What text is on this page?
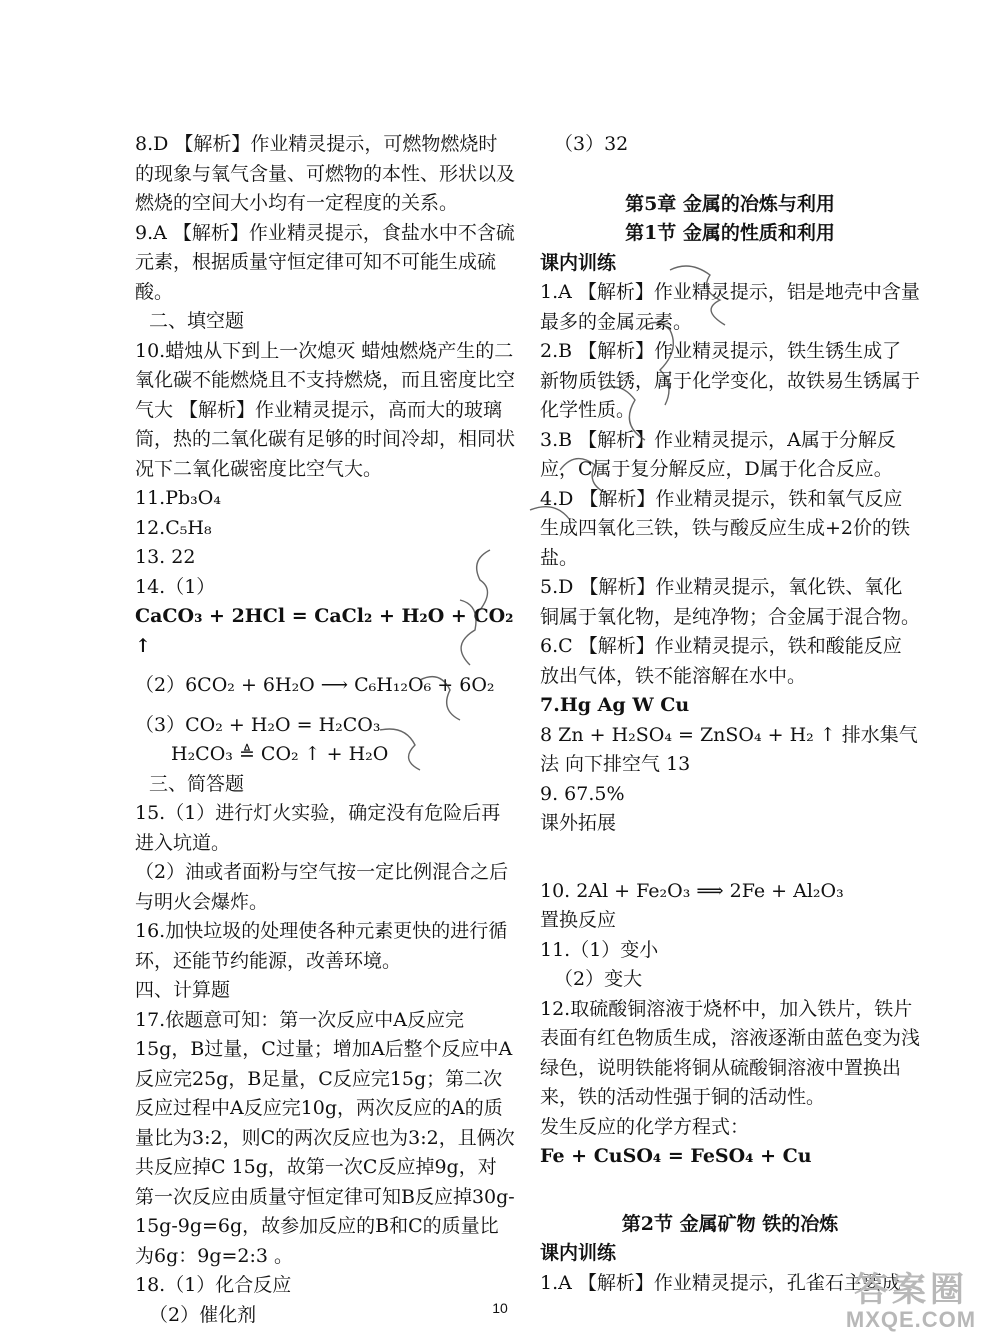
8.D 【解析】作业精灵提示，可燃物燃烧时的现象与氧气含量、可燃物的本性、形状以及燃烧的空间大小均有一定程度的关系。

9.A 【解析】作业精灵提示，食盐水中不含硫元素，根据质量守恒定律可知不可能生成硫酸。

二、填空题

10.蜡烛从下到上一次熄灭 蜡烛燃烧产生的二氧化碳不能燃烧且不支持燃烧，而且密度比空气大 【解析】作业精灵提示，高而大的玻璃筒，热的二氧化碳有足够的时间冷却，相同状况下二氧化碳密度比空气大。

11.Pb₃O₄

12.C₅H₈

13. 22

14.（1）

CaCO₃ + 2HCl = CaCl₂ + H₂O + CO₂ ↑

（2）6CO₂ + 6H₂O ⟶ C₆H₁₂O₆ + 6O₂

（3）CO₂ + H₂O = H₂CO₃

H₂CO₃ ≜ CO₂ ↑ + H₂O

三、简答题

15.（1）进行灯火实验，确定没有危险后再进入坑道。

（2）油或者面粉与空气按一定比例混合之后与明火会爆炸。

16.加快垃圾的处理使各种元素更快的进行循环，还能节约能源，改善环境。

四、计算题

17.依题意可知：第一次反应中A反应完15g，B过量，C过量；增加A后整个反应中A反应完25g，B足量，C反应完15g；第二次反应过程中A反应完10g，两次反应的A的质量比为3:2，则C的两次反应也为3:2，且俩次共反应掉C 15g，故第一次C反应掉9g，对第一次反应由质量守恒定律可知B反应掉30g-15g-9g=6g，故参加反应的B和C的质量比为6g：9g=2:3 。

18.（1）化合反应

（2）催化剂

（3）32

第5章 金属的冶炼与利用

第1节 金属的性质和利用

课内训练

1.A 【解析】作业精灵提示，铝是地壳中含量最多的金属元素。

2.B 【解析】作业精灵提示，铁生锈生成了新物质铁锈，属于化学变化，故铁易生锈属于化学性质。

3.B 【解析】作业精灵提示，A属于分解反应，C属于复分解反应，D属于化合反应。

4.D 【解析】作业精灵提示，铁和氧气反应生成四氧化三铁，铁与酸反应生成+2价的铁盐。

5.D 【解析】作业精灵提示，氧化铁、氧化铜属于氧化物，是纯净物；合金属于混合物。

6.C 【解析】作业精灵提示，铁和酸能反应放出气体，铁不能溶解在水中。

7.Hg Ag W Cu

8 Zn + H₂SO₄ = ZnSO₄ + H₂ ↑ 排水集气法 向下排空气 13

9. 67.5%

课外拓展

10. 2Al + Fe₂O₃ ⟹ 2Fe + Al₂O₃

置换反应

11.（1）变小

（2）变大

12.取硫酸铜溶液于烧杯中，加入铁片，铁片表面有红色物质生成，溶液逐渐由蓝色变为浅绿色，说明铁能将铜从硫酸铜溶液中置换出来，铁的活动性强于铜的活动性。

发生反应的化学方程式：

Fe + CuSO₄ = FeSO₄ + Cu

第2节 金属矿物 铁的冶炼

课内训练

1.A 【解析】作业精灵提示，孔雀石主要成

10	答案圈
MXQE.COM
